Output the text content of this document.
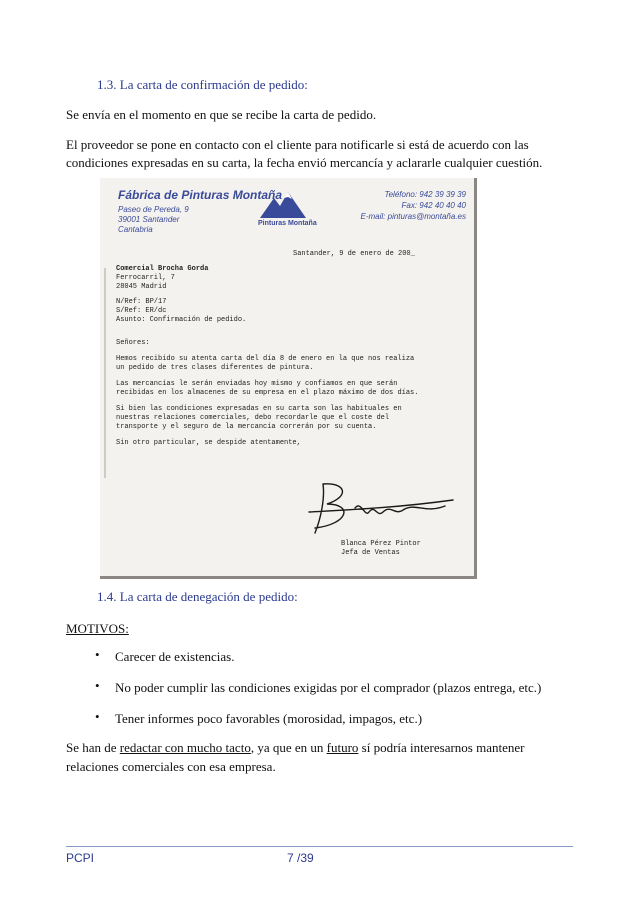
1.3. La carta de confirmación de pedido:
Se envía en el momento en que se recibe la carta de pedido.
El proveedor se pone en contacto con el cliente para notificarle si está de acuerdo con las
condiciones expresadas en su carta, la fecha envió mercancía y aclararle cualquier cuestión.
Fábrica de Pinturas Montaña
Paseo de Pereda, 9
39001 Santander
Cantabria
Pinturas Montaña
Teléfono: 942 39 39 39
Fax: 942 40 40 40
E-mail: pinturas@montaña.es
Santander, 9 de enero de 200_
Comercial Brocha Gorda
Ferrocarril, 7
28045 Madrid
N/Ref: BP/17
S/Ref: ER/dc
Asunto: Confirmación de pedido.
Señores:
Hemos recibido su atenta carta del día 8 de enero en la que nos realiza
un pedido de tres clases diferentes de pintura.
Las mercancías le serán enviadas hoy mismo y confiamos en que serán
recibidas en los almacenes de su empresa en el plazo máximo de dos días.
Si bien las condiciones expresadas en su carta son las habituales en
nuestras relaciones comerciales, debo recordarle que el coste del
transporte y el seguro de la mercancía correrán por su cuenta.
Sin otro particular, se despide atentamente,
Blanca Pérez Pintor
Jefa de Ventas
1.4. La carta de denegación de pedido:
MOTIVOS:
• Carecer de existencias.
• No poder cumplir las condiciones exigidas por el comprador (plazos entrega, etc.)
• Tener informes poco favorables (morosidad, impagos, etc.)
Se han de redactar con mucho tacto, ya que en un futuro sí podría interesarnos mantener
relaciones comerciales con esa empresa.
PCPI	7 /39
